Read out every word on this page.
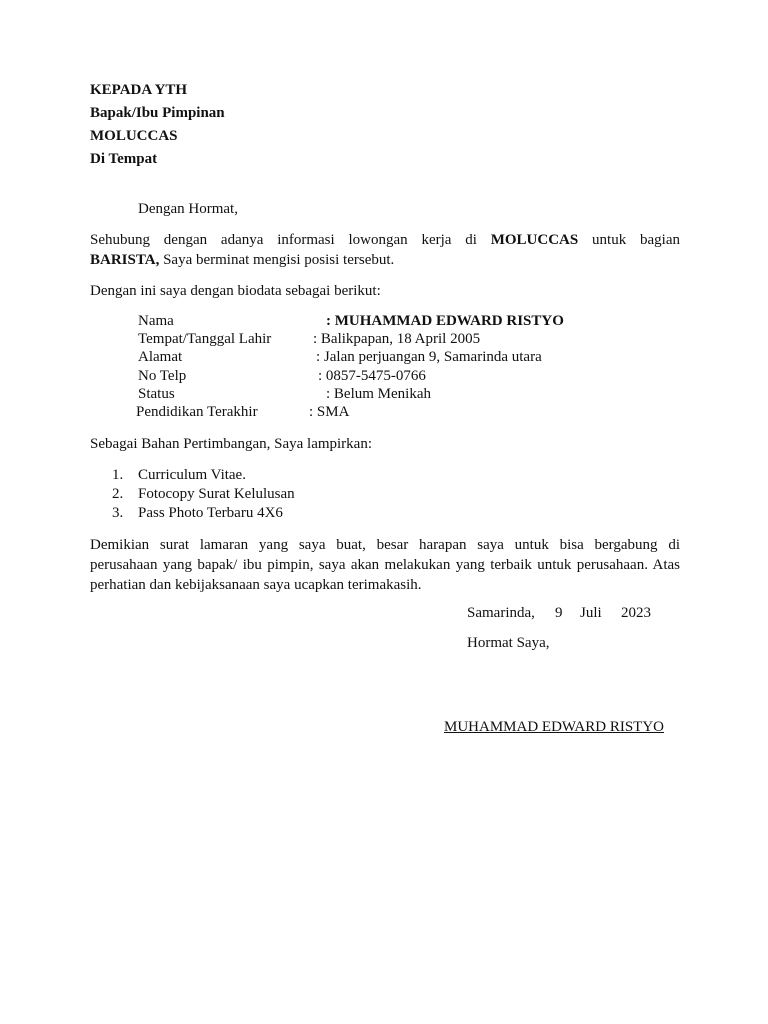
KEPADA YTH
Bapak/Ibu Pimpinan
MOLUCCAS
Di Tempat
Dengan Hormat,
Sehubung dengan adanya informasi lowongan kerja di MOLUCCAS untuk bagian
BARISTA, Saya berminat mengisi posisi tersebut.
Dengan ini saya dengan biodata sebagai berikut:
Nama	: MUHAMMAD EDWARD RISTYO
Tempat/Tanggal Lahir	: Balikpapan, 18 April 2005
Alamat	: Jalan perjuangan 9, Samarinda utara
No Telp	: 0857-5475-0766
Status	: Belum Menikah
Pendidikan Terakhir	: SMA
Sebagai Bahan Pertimbangan, Saya lampirkan:
1. Curriculum Vitae.
2. Fotocopy Surat Kelulusan
3. Pass Photo Terbaru 4X6
Demikian surat lamaran yang saya buat, besar harapan saya untuk bisa bergabung di
perusahaan yang bapak/ ibu pimpin, saya akan melakukan yang terbaik untuk perusahaan. Atas
perhatian dan kebijaksanaan saya ucapkan terimakasih.
Samarinda, 9 Juli 2023
Hormat Saya,
MUHAMMAD EDWARD RISTYO
